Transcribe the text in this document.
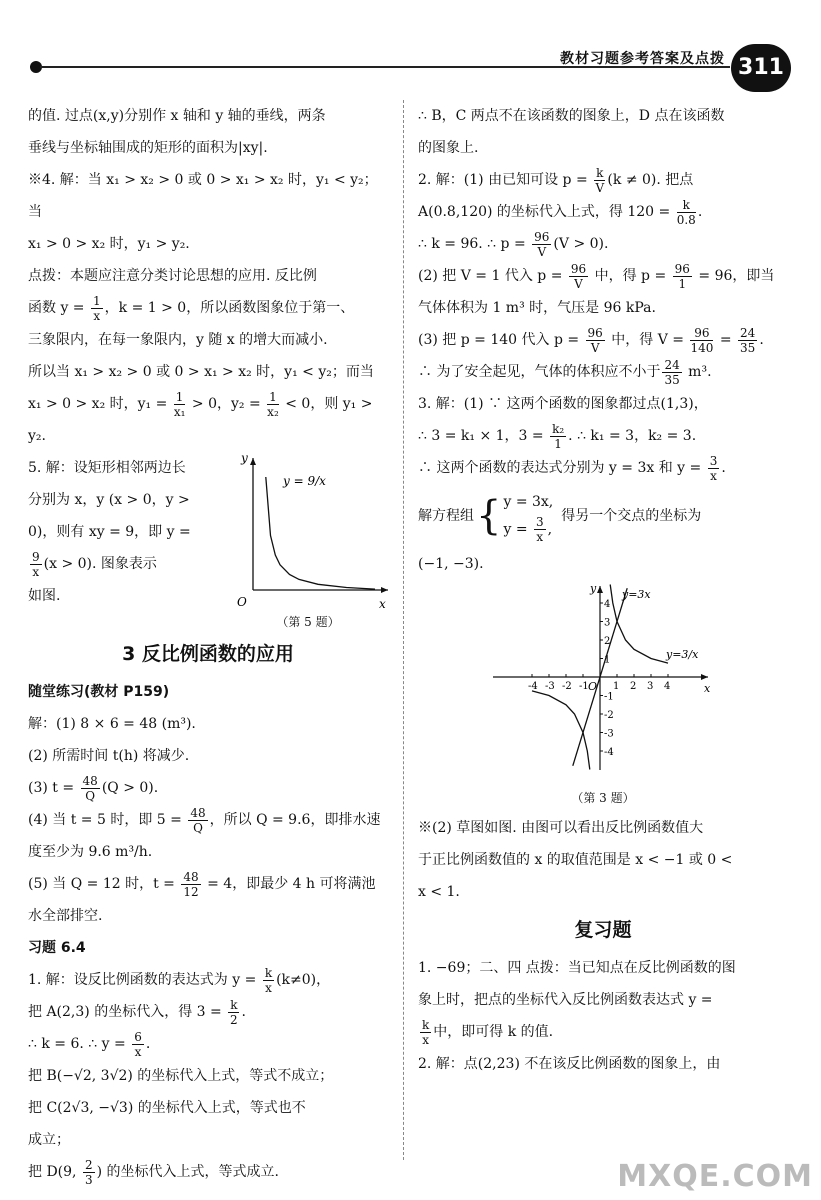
教材习题参考答案及点拨 311

的值. 过点(x,y)分别作 x 轴和 y 轴的垂线，两条

垂线与坐标轴围成的矩形的面积为|xy|.

※4. 解：当 x₁ > x₂ > 0 或 0 > x₁ > x₂ 时，y₁ < y₂；当

x₁ > 0 > x₂ 时，y₁ > y₂.

点拨：本题应注意分类讨论思想的应用. 反比例

函数 $y = \frac{1}{x}$ ，k = 1 > 0，所以函数图象位于第一、

三象限内，在每一象限内，y 随 x 的增大而减小.

所以当 x₁ > x₂ > 0 或 0 > x₁ > x₂ 时，y₁ < y₂；而当

x₁ > 0 > x₂ 时，$y_1 = \frac{1}{\text{x₁}} > 0$，$y_2 = \frac{1}{\text{x₂}} < 0$，则 y₁ > y₂.

5. 解：设矩形相邻两边长

分别为 x，y (x > 0，y >

0)，则有 xy = 9，即 y =

$\frac{9}{x} (x > 0)$. 图象表示

如图.

y
x
O
y = 9/x

（第 5 题）

3 反比例函数的应用

随堂练习(教材 P159)

解：(1) 8 × 6 = 48 (m³).

(2) 所需时间 t(h) 将减少.

(3) $t = \frac{48}{Q} (Q > 0)$.

(4) 当 t = 5 时，即 $5 = \frac{48}{Q}$ ，所以 Q = 9.6，即排水速

度至少为 9.6 m³/h.

(5) 当 Q = 12 时，$t = \frac{48}{12} = 4$，即最少 4 h 可将满池

水全部排空.

习题 6.4

1. 解：设反比例函数的表达式为 $y = \frac{k}{x} (k\ne 0)$，

把 A(2,3) 的坐标代入，得 $3 = \frac{k}{2}$ .

∴ k = 6. ∴ $y = \frac{6}{x}$ .

把 B(−√2, 3√2) 的坐标代入上式，等式不成立；

把 C(2√3, −√3) 的坐标代入上式，等式也不

成立；

把 D(9, $\frac{2}{3}$ ) 的坐标代入上式，等式成立.

∴ B，C 两点不在该函数的图象上，D 点在该函数

的图象上.

2. 解：(1) 由已知可设 $p = \frac{k}{V} (k \ne 0)$. 把点

A(0.8,120) 的坐标代入上式，得 $120 = \frac{k}{0.8}$ .

∴ k = 96. ∴ $p = \frac{96}{V} (V > 0)$.

(2) 把 V = 1 代入 $p = \frac{96}{V}$ 中，得 $p = \frac{96}{1} = 96$，即当

气体体积为 1 m³ 时，气压是 96 kPa.

(3) 把 p = 140 代入 $p = \frac{96}{V}$ 中，得 $V = \frac{96}{140} = \frac{24}{35}$ .

∴ 为了安全起见，气体的体积应不小于 $\frac{24}{35} m^3$.

3. 解：(1) ∵ 这两个函数的图象都过点(1,3)，

∴ 3 = k₁ × 1，$3 = \frac{\text{k₂}}{1}$ . ∴ k₁ = 3，k₂ = 3.

∴ 这两个函数的表达式分别为 y = 3x 和 $y = \frac{3}{x}$ .

解方程组 { y = 3x,
$y = \frac{3}{x}$ ,
得另一个交点的坐标为

(−1, −3).

-4 -3 -2 -1 1 2 3 4
4
3
2
1
-1
-2
-3
-4
y
x
O
y=3x
y=3/x

（第 3 题）

※(2) 草图如图. 由图可以看出反比例函数值大

于正比例函数值的 x 的取值范围是 x < −1 或 0 <

x < 1.

复习题

1. −69；二、四 点拨：当已知点在反比例函数的图

象上时，把点的坐标代入反比例函数表达式 y =

$\frac{k}{x}$ 中，即可得 k 的值.

2. 解：点(2,23) 不在该反比例函数的图象上，由

MXQE.COM
